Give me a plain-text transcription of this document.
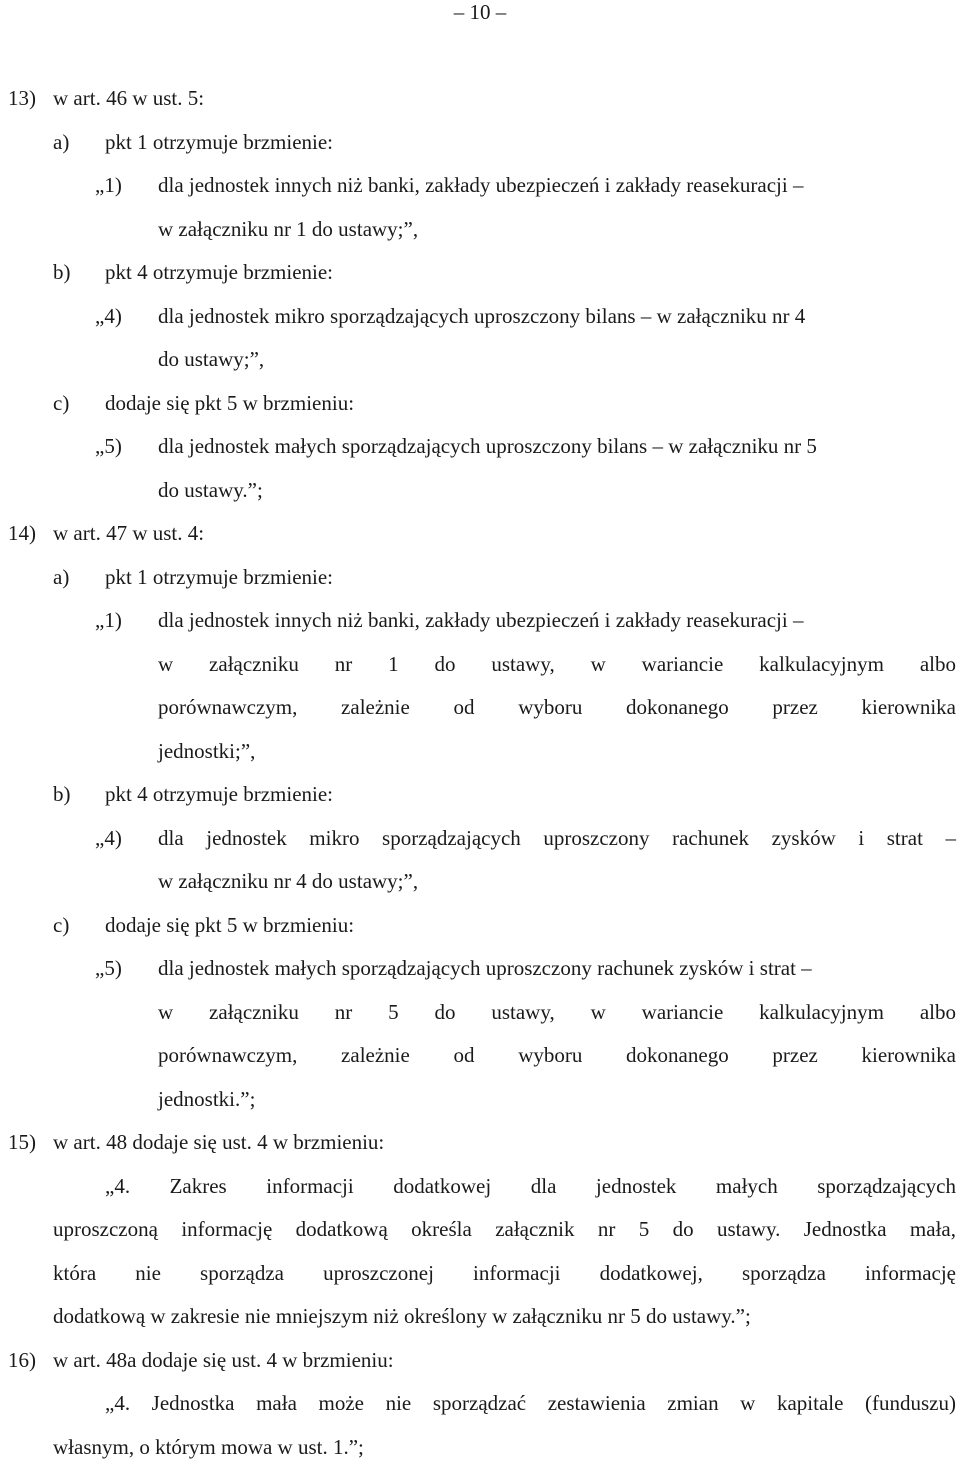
– 10 –
13) w art. 46 w ust. 5:
a) pkt 1 otrzymuje brzmienie:
„1) dla jednostek innych niż banki, zakłady ubezpieczeń i zakłady reasekuracji –
w załączniku nr 1 do ustawy;”,
b) pkt 4 otrzymuje brzmienie:
„4) dla jednostek mikro sporządzających uproszczony bilans – w załączniku nr 4
do ustawy;”,
c) dodaje się pkt 5 w brzmieniu:
„5) dla jednostek małych sporządzających uproszczony bilans – w załączniku nr 5
do ustawy.”;
14) w art. 47 w ust. 4:
a) pkt 1 otrzymuje brzmienie:
„1) dla jednostek innych niż banki, zakłady ubezpieczeń i zakłady reasekuracji –
w załączniku nr 1 do ustawy, w wariancie kalkulacyjnym albo
porównawczym, zależnie od wyboru dokonanego przez kierownika
jednostki;”,
b) pkt 4 otrzymuje brzmienie:
„4) dla jednostek mikro sporządzających uproszczony rachunek zysków i strat –
w załączniku nr 4 do ustawy;”,
c) dodaje się pkt 5 w brzmieniu:
„5) dla jednostek małych sporządzających uproszczony rachunek zysków i strat –
w załączniku nr 5 do ustawy, w wariancie kalkulacyjnym albo
porównawczym, zależnie od wyboru dokonanego przez kierownika
jednostki.”;
15) w art. 48 dodaje się ust. 4 w brzmieniu:
„4. Zakres informacji dodatkowej dla jednostek małych sporządzających
uproszczoną informację dodatkową określa załącznik nr 5 do ustawy. Jednostka mała,
która nie sporządza uproszczonej informacji dodatkowej, sporządza informację
dodatkową w zakresie nie mniejszym niż określony w załączniku nr 5 do ustawy.”;
16) w art. 48a dodaje się ust. 4 w brzmieniu:
„4. Jednostka mała może nie sporządzać zestawienia zmian w kapitale (funduszu)
własnym, o którym mowa w ust. 1.”;
